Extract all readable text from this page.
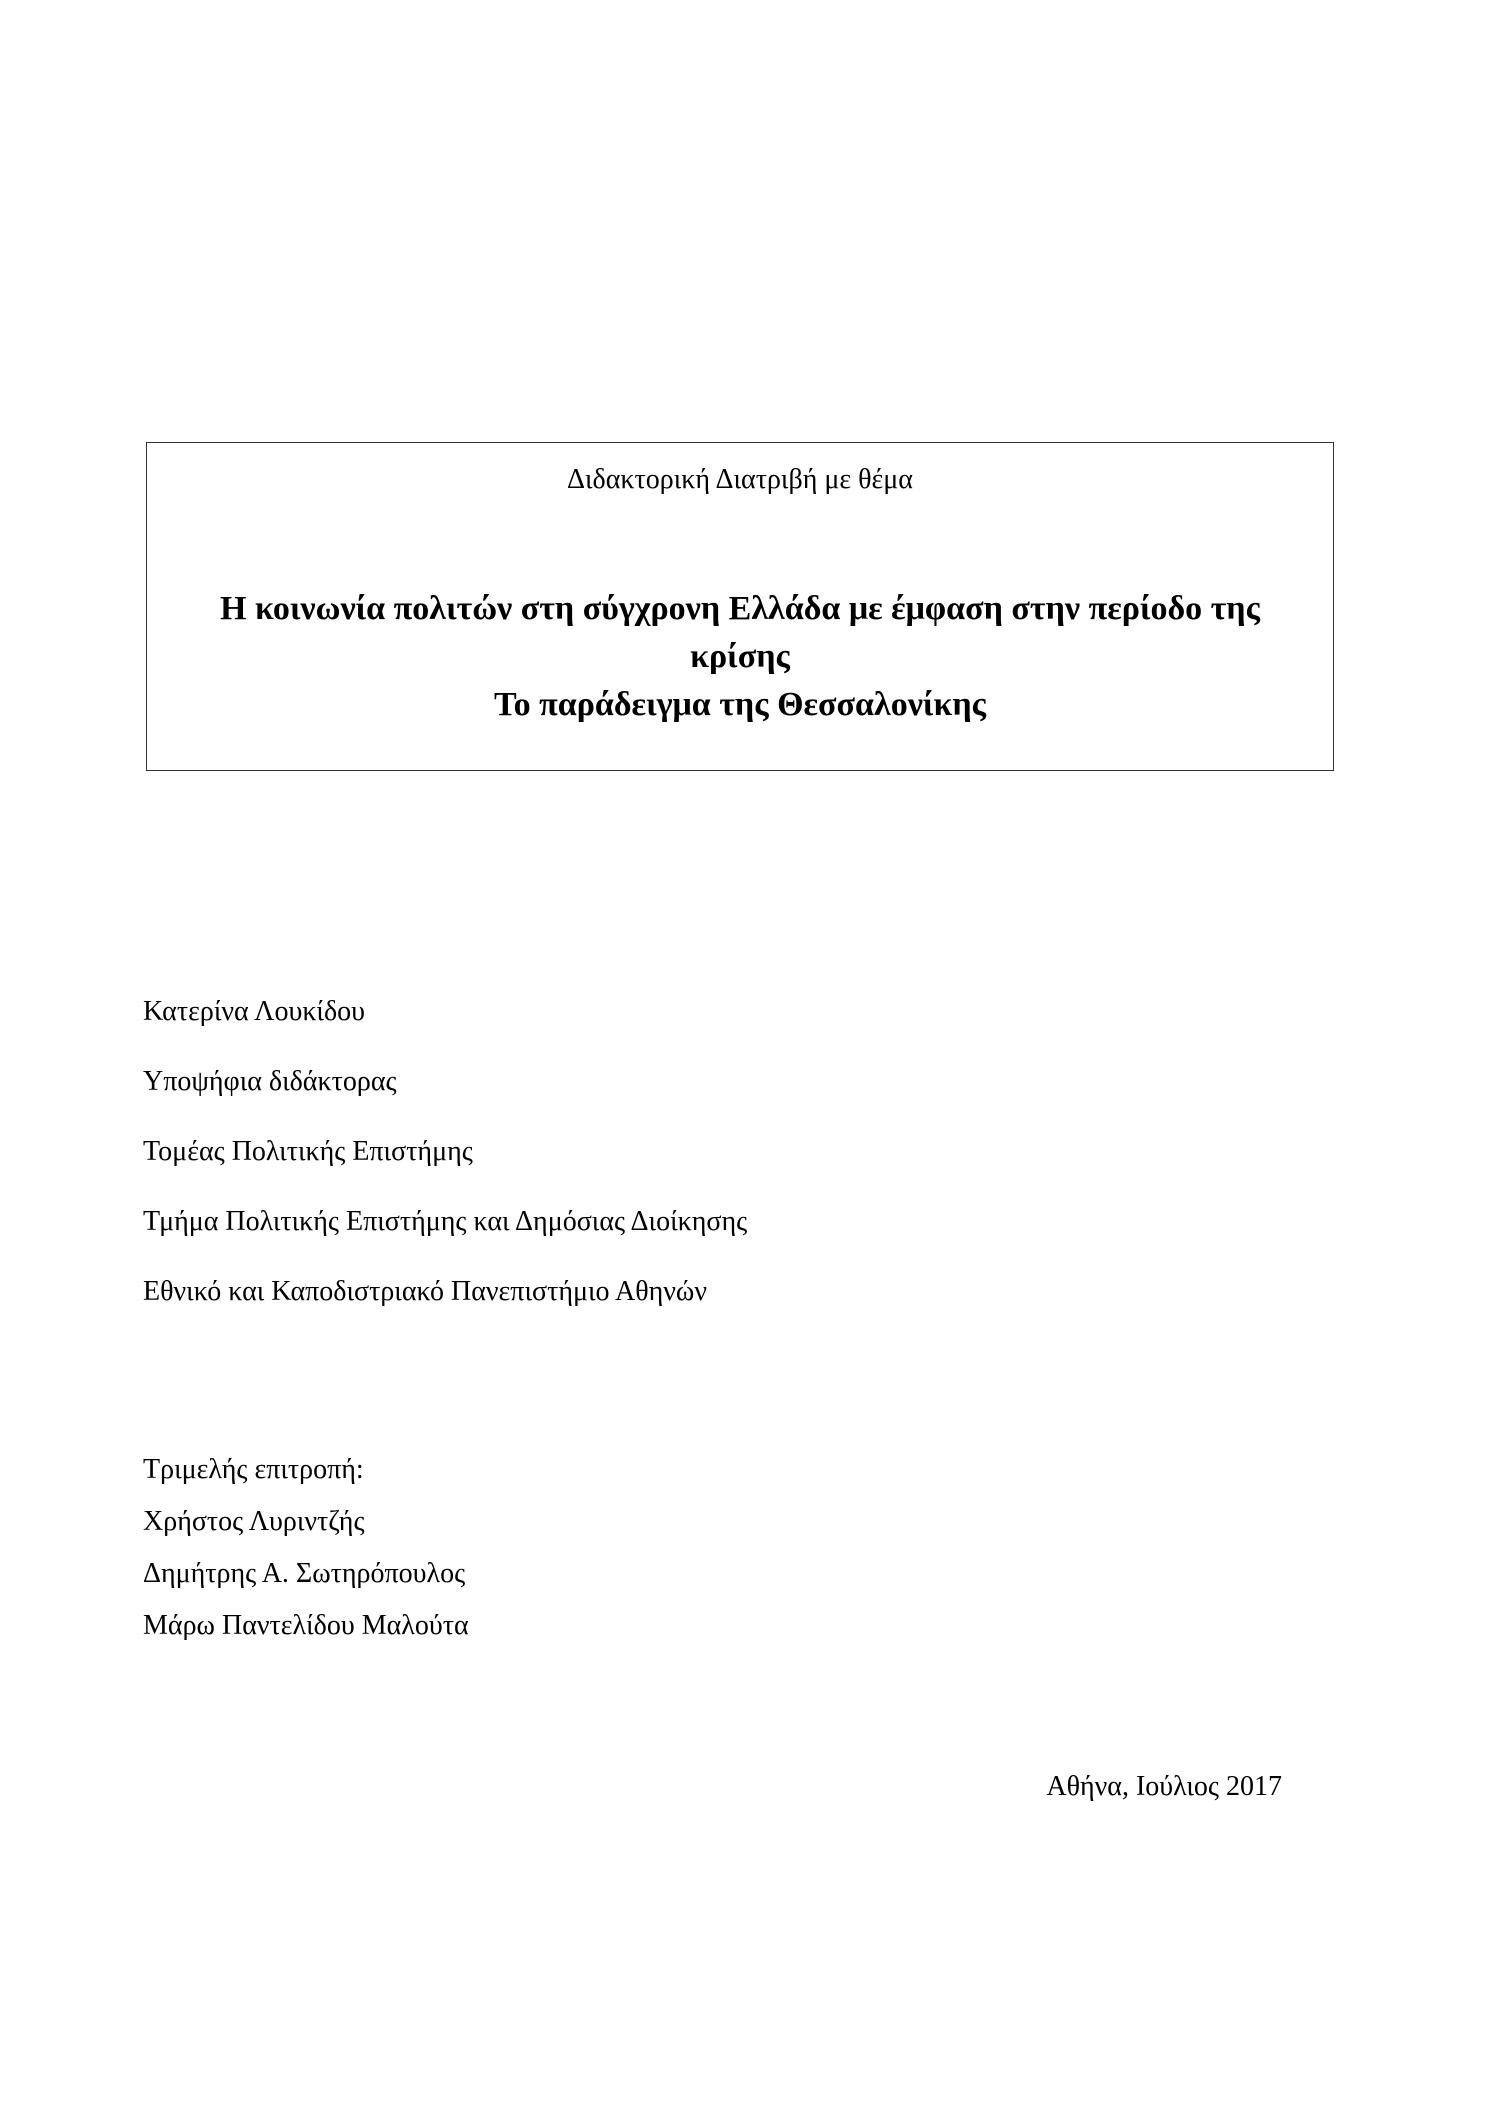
Διδακτορική Διατριβή με θέμα
Η κοινωνία πολιτών στη σύγχρονη Ελλάδα με έμφαση στην περίοδο της
κρίσης
Το παράδειγμα της Θεσσαλονίκης
Κατερίνα Λουκίδου
Υποψήφια διδάκτορας
Τομέας Πολιτικής Επιστήμης
Τμήμα Πολιτικής Επιστήμης και Δημόσιας Διοίκησης
Εθνικό και Καποδιστριακό Πανεπιστήμιο Αθηνών
Τριμελής επιτροπή:
Χρήστος Λυριντζής
Δημήτρης Α. Σωτηρόπουλος
Μάρω Παντελίδου Μαλούτα
Αθήνα, Ιούλιος 2017
